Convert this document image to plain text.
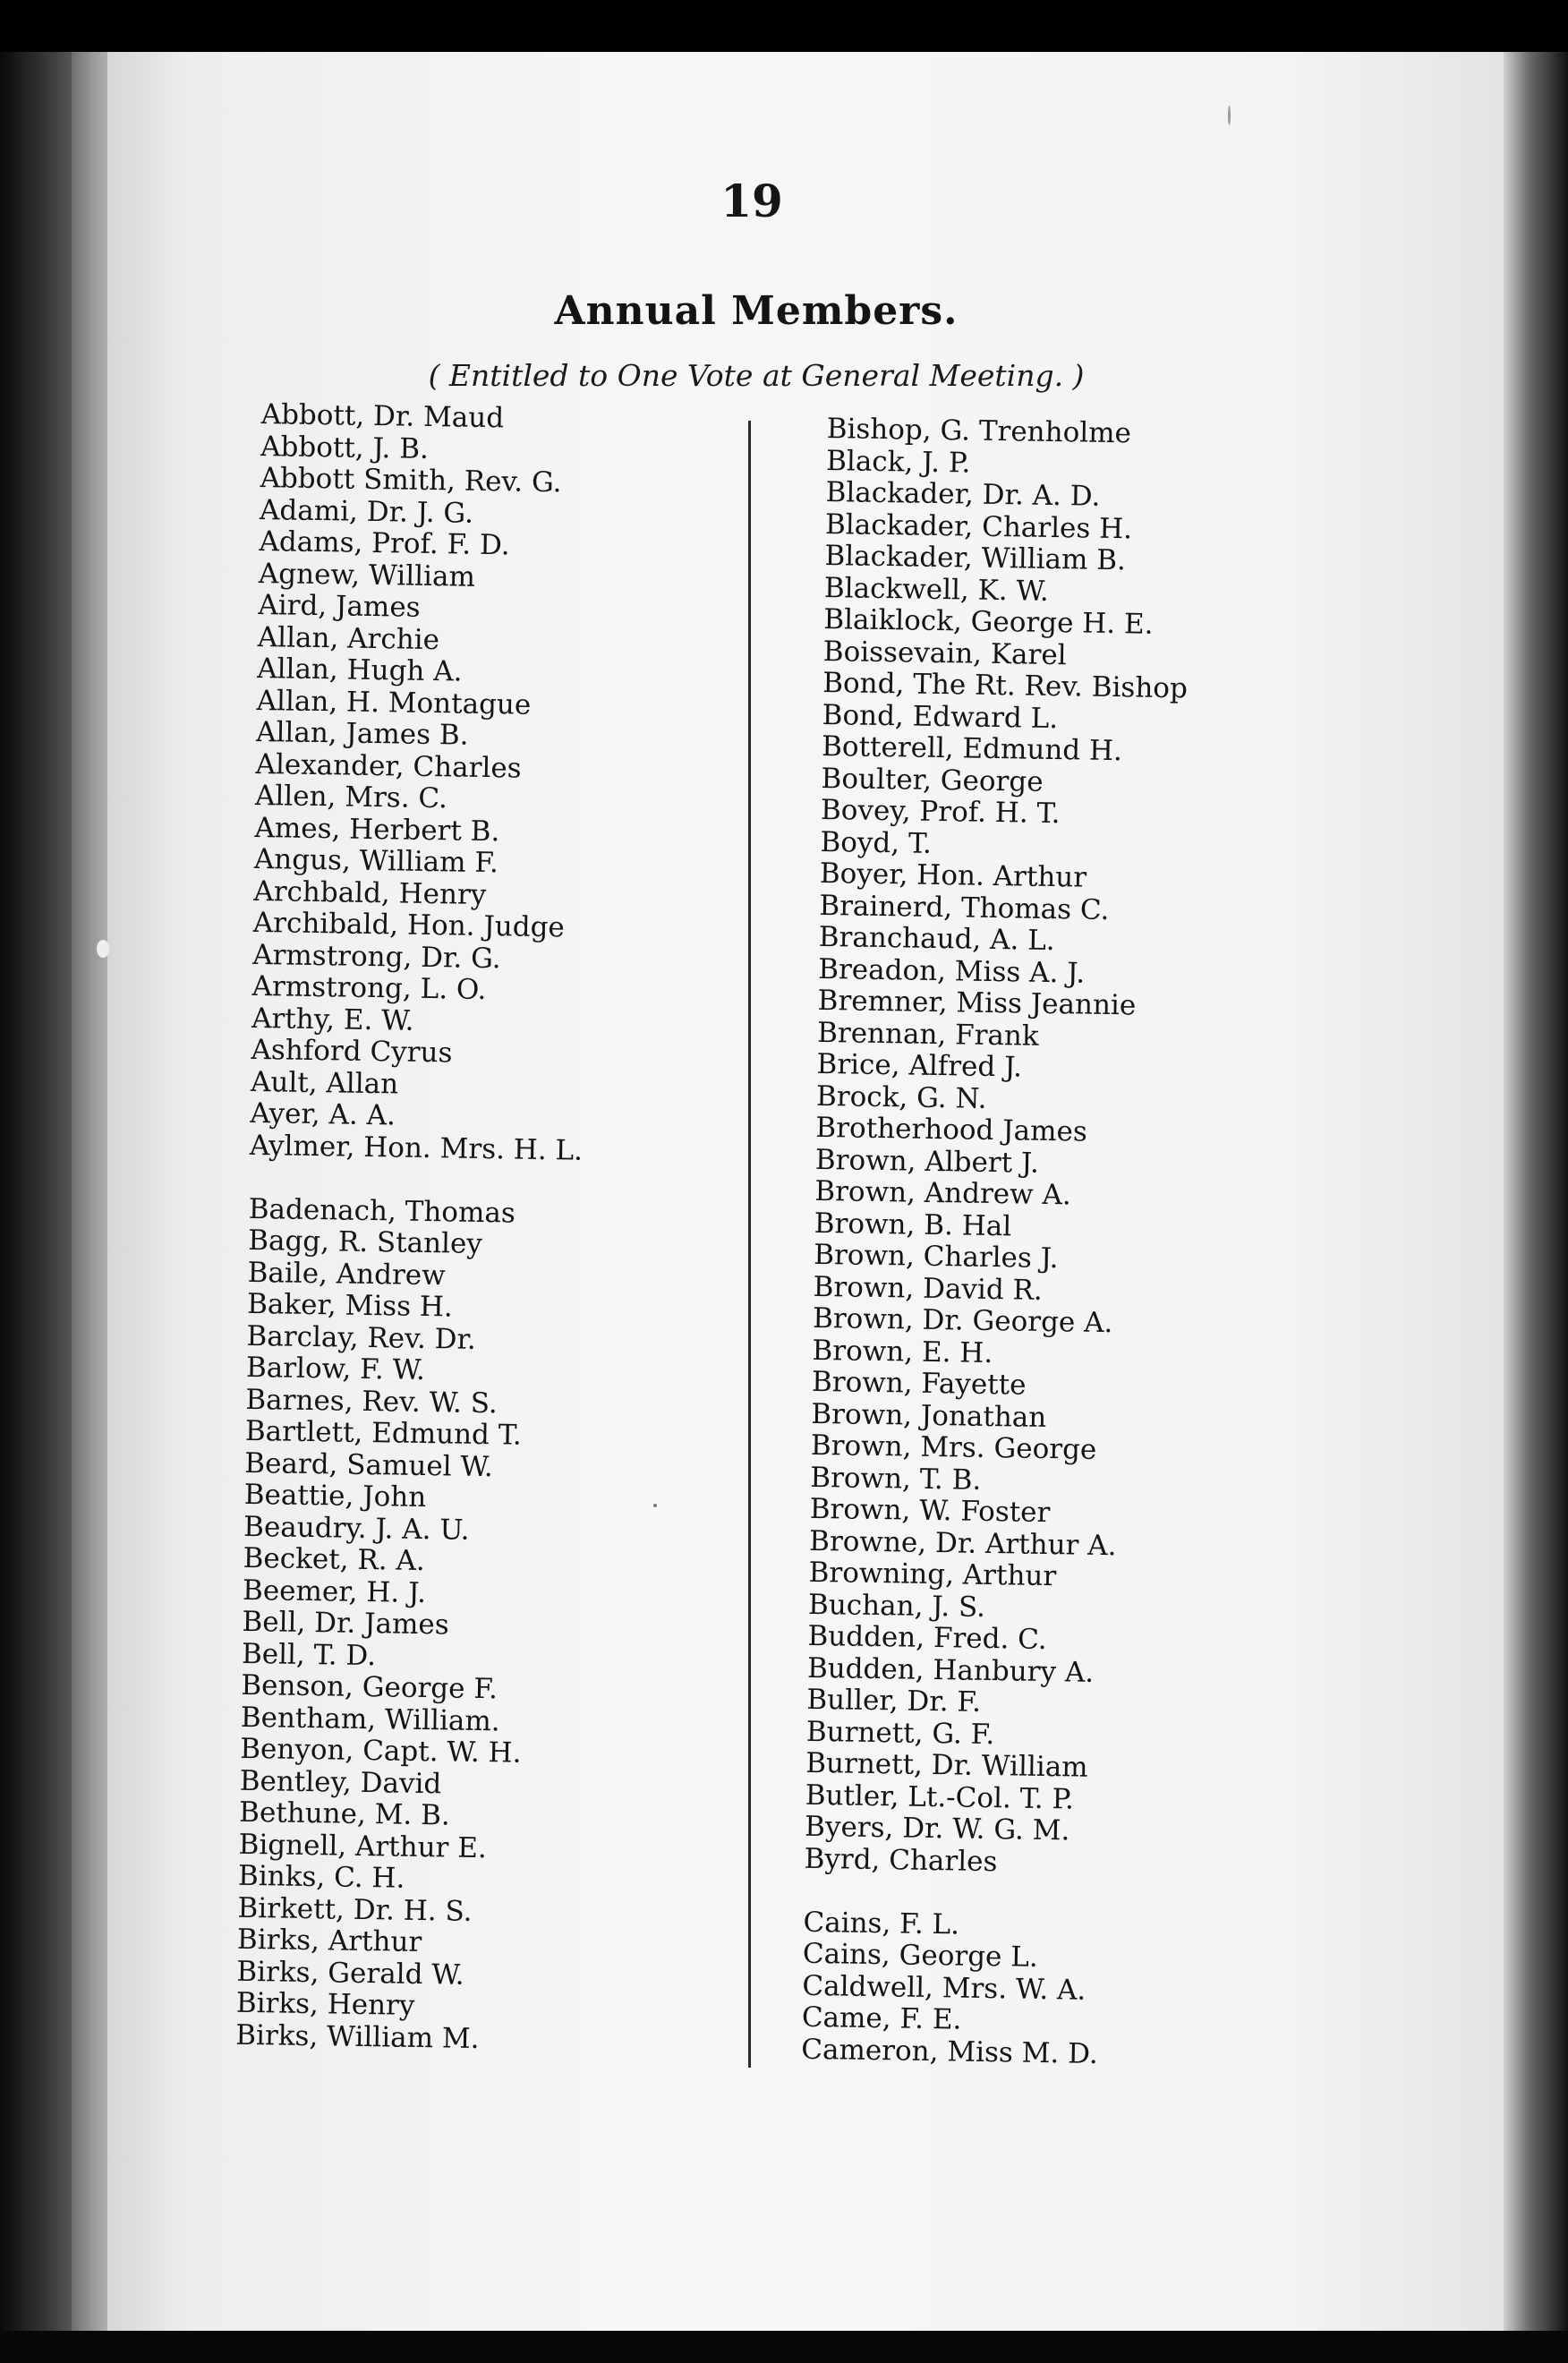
19
Annual Members.
( Entitled to One Vote at General Meeting. )
Abbott, Dr. Maud
Abbott, J. B.
Abbott Smith, Rev. G.
Adami, Dr. J. G.
Adams, Prof. F. D.
Agnew, William
Aird, James
Allan, Archie
Allan, Hugh A.
Allan, H. Montague
Allan, James B.
Alexander, Charles
Allen, Mrs. C.
Ames, Herbert B.
Angus, William F.
Archbald, Henry
Archibald, Hon. Judge
Armstrong, Dr. G.
Armstrong, L. O.
Arthy, E. W.
Ashford Cyrus
Ault, Allan
Ayer, A. A.
Aylmer, Hon. Mrs. H. L.
Badenach, Thomas
Bagg, R. Stanley
Baile, Andrew
Baker, Miss H.
Barclay, Rev. Dr.
Barlow, F. W.
Barnes, Rev. W. S.
Bartlett, Edmund T.
Beard, Samuel W.
Beattie, John
Beaudry. J. A. U.
Becket, R. A.
Beemer, H. J.
Bell, Dr. James
Bell, T. D.
Benson, George F.
Bentham, William.
Benyon, Capt. W. H.
Bentley, David
Bethune, M. B.
Bignell, Arthur E.
Binks, C. H.
Birkett, Dr. H. S.
Birks, Arthur
Birks, Gerald W.
Birks, Henry
Birks, William M.
Bishop, G. Trenholme
Black, J. P.
Blackader, Dr. A. D.
Blackader, Charles H.
Blackader, William B.
Blackwell, K. W.
Blaiklock, George H. E.
Boissevain, Karel
Bond, The Rt. Rev. Bishop
Bond, Edward L.
Botterell, Edmund H.
Boulter, George
Bovey, Prof. H. T.
Boyd, T.
Boyer, Hon. Arthur
Brainerd, Thomas C.
Branchaud, A. L.
Breadon, Miss A. J.
Bremner, Miss Jeannie
Brennan, Frank
Brice, Alfred J.
Brock, G. N.
Brotherhood James
Brown, Albert J.
Brown, Andrew A.
Brown, B. Hal
Brown, Charles J.
Brown, David R.
Brown, Dr. George A.
Brown, E. H.
Brown, Fayette
Brown, Jonathan
Brown, Mrs. George
Brown, T. B.
Brown, W. Foster
Browne, Dr. Arthur A.
Browning, Arthur
Buchan, J. S.
Budden, Fred. C.
Budden, Hanbury A.
Buller, Dr. F.
Burnett, G. F.
Burnett, Dr. William
Butler, Lt.-Col. T. P.
Byers, Dr. W. G. M.
Byrd, Charles
Cains, F. L.
Cains, George L.
Caldwell, Mrs. W. A.
Came, F. E.
Cameron, Miss M. D.
